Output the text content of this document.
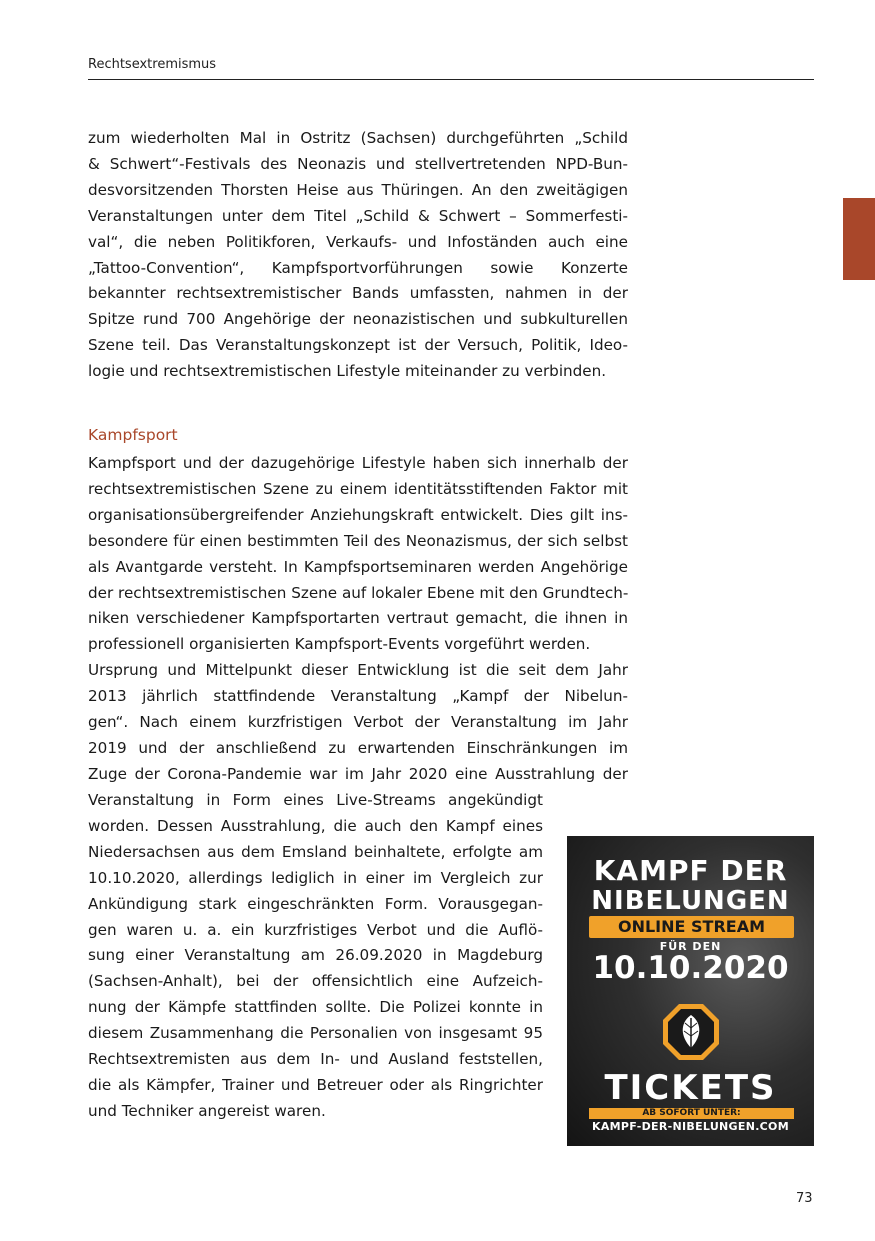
Rechtsextremismus

zum wiederholten Mal in Ostritz (Sachsen) durchgeführten „Schild
& Schwert“-Festivals des Neonazis und stellvertretenden NPD-Bun-
desvorsitzenden Thorsten Heise aus Thüringen. An den zweitägigen
Veranstaltungen unter dem Titel „Schild & Schwert – Sommerfesti-
val“, die neben Politikforen, Verkaufs- und Infoständen auch eine
„Tattoo-Convention“, Kampfsportvorführungen sowie Konzerte
bekannter rechtsextremistischer Bands umfassten, nahmen in der
Spitze rund 700 Angehörige der neonazistischen und subkulturellen
Szene teil. Das Veranstaltungskonzept ist der Versuch, Politik, Ideo-
logie und rechtsextremistischen Lifestyle miteinander zu verbinden.

Kampfsport

Kampfsport und der dazugehörige Lifestyle haben sich innerhalb der
rechtsextremistischen Szene zu einem identitätsstiftenden Faktor mit
organisationsübergreifender Anziehungskraft entwickelt. Dies gilt ins-
besondere für einen bestimmten Teil des Neonazismus, der sich selbst
als Avantgarde versteht. In Kampfsportseminaren werden Angehörige
der rechtsextremistischen Szene auf lokaler Ebene mit den Grundtech-
niken verschiedener Kampfsportarten vertraut gemacht, die ihnen in
professionell organisierten Kampfsport-Events vorgeführt werden.

Ursprung und Mittelpunkt dieser Entwicklung ist die seit dem Jahr
2013 jährlich stattfindende Veranstaltung „Kampf der Nibelun-
gen“. Nach einem kurzfristigen Verbot der Veranstaltung im Jahr
2019 und der anschließend zu erwartenden Einschränkungen im
Zuge der Corona-Pandemie war im Jahr 2020 eine Ausstrahlung der

Veranstaltung in Form eines Live-Streams angekündigt
worden. Dessen Ausstrahlung, die auch den Kampf eines
Niedersachsen aus dem Emsland beinhaltete, erfolgte am
10.10.2020, allerdings lediglich in einer im Vergleich zur
Ankündigung stark eingeschränkten Form. Vorausgegan-
gen waren u. a. ein kurzfristiges Verbot und die Auflö-
sung einer Veranstaltung am 26.09.2020 in Magdeburg
(Sachsen-Anhalt), bei der offensichtlich eine Aufzeich-
nung der Kämpfe stattfinden sollte. Die Polizei konnte in
diesem Zusammenhang die Personalien von insgesamt 95
Rechtsextremisten aus dem In- und Ausland feststellen,
die als Kämpfer, Trainer und Betreuer oder als Ringrichter
und Techniker angereist waren.

KAMPF DER
NIBELUNGEN
ONLINE STREAM
FÜR DEN
10.10.2020
TICKETS
AB SOFORT UNTER:
KAMPF-DER-NIBELUNGEN.COM
73
